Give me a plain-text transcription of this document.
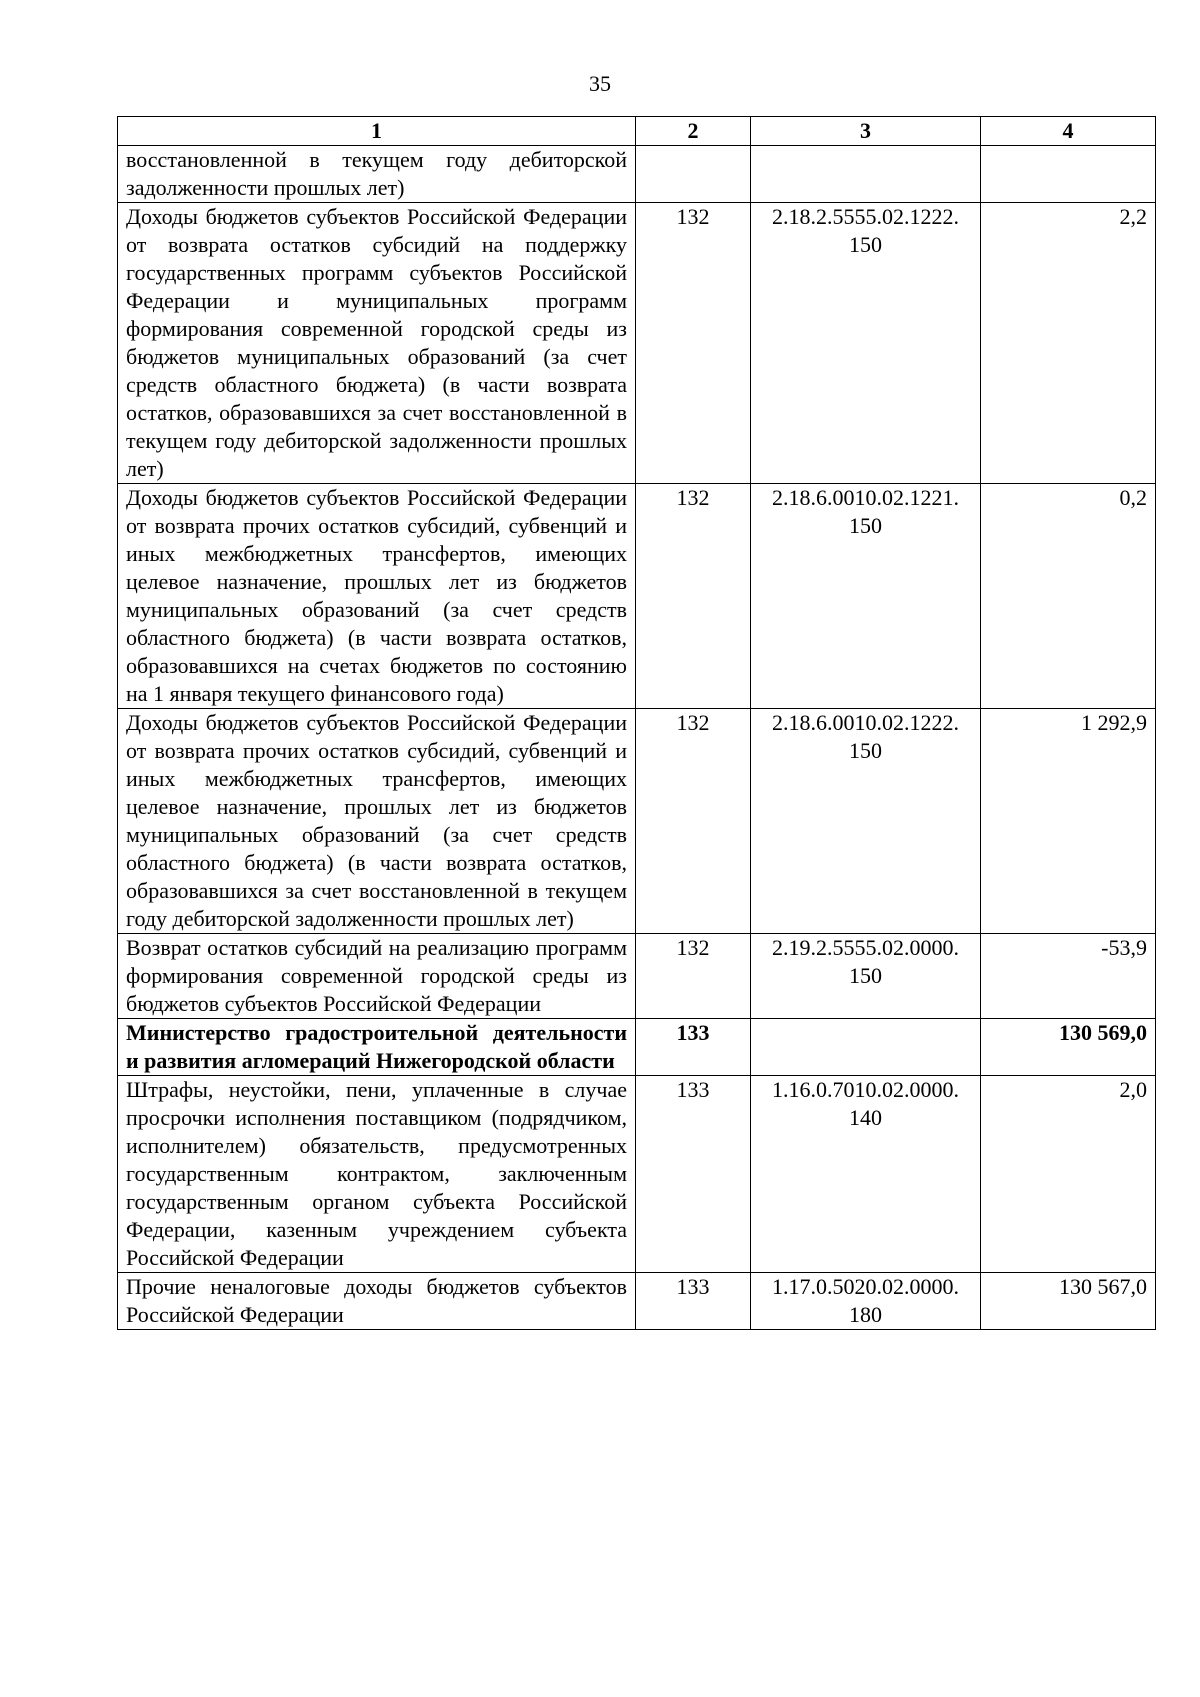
35
1	2	3	4
восстановленной в текущем году дебиторской задолженности прошлых лет)			
Доходы бюджетов субъектов Российской Федерации от возврата остатков субсидий на поддержку государственных программ субъектов Российской Федерации и муниципальных программ формирования современной городской среды из бюджетов муниципальных образований (за счет средств областного бюджета) (в части возврата остатков, образовавшихся за счет восстановленной в текущем году дебиторской задолженности прошлых лет)	132	2.18.2.5555.02.1222. 150	2,2
Доходы бюджетов субъектов Российской Федерации от возврата прочих остатков субсидий, субвенций и иных межбюджетных трансфертов, имеющих целевое назначение, прошлых лет из бюджетов муниципальных образований (за счет средств областного бюджета) (в части возврата остатков, образовавшихся на счетах бюджетов по состоянию на 1 января текущего финансового года)	132	2.18.6.0010.02.1221. 150	0,2
Доходы бюджетов субъектов Российской Федерации от возврата прочих остатков субсидий, субвенций и иных межбюджетных трансфертов, имеющих целевое назначение, прошлых лет из бюджетов муниципальных образований (за счет средств областного бюджета) (в части возврата остатков, образовавшихся за счет восстановленной в текущем году дебиторской задолженности прошлых лет)	132	2.18.6.0010.02.1222. 150	1 292,9
Возврат остатков субсидий на реализацию программ формирования современной городской среды из бюджетов субъектов Российской Федерации	132	2.19.2.5555.02.0000. 150	-53,9
Министерство градостроительной деятельности и развития агломераций Нижегородской области	133		130 569,0
Штрафы, неустойки, пени, уплаченные в случае просрочки исполнения поставщиком (подрядчиком, исполнителем) обязательств, предусмотренных государственным контрактом, заключенным государственным органом субъекта Российской Федерации, казенным учреждением субъекта Российской Федерации	133	1.16.0.7010.02.0000. 140	2,0
Прочие неналоговые доходы бюджетов субъектов Российской Федерации	133	1.17.0.5020.02.0000. 180	130 567,0
